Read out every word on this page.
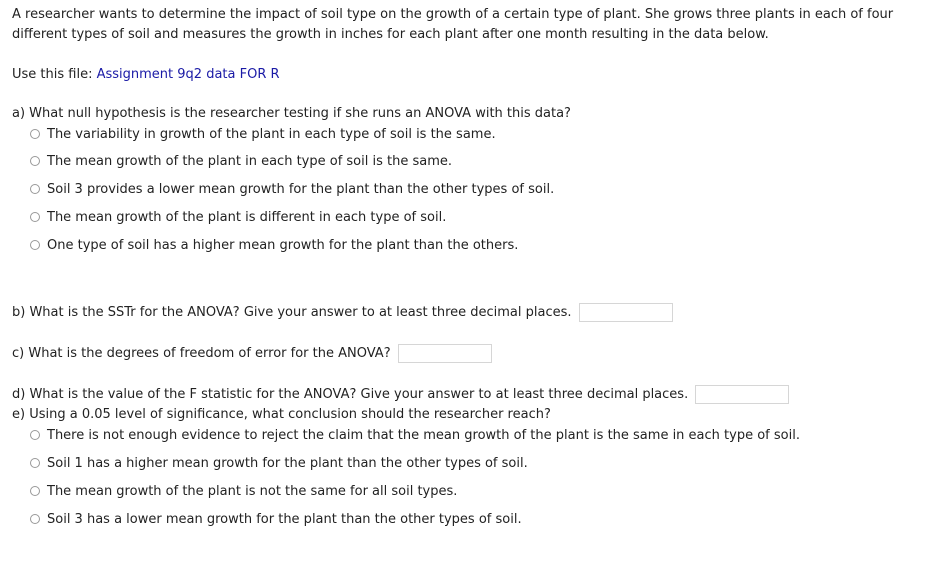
A researcher wants to determine the impact of soil type on the growth of a certain type of plant. She grows three plants in each of four different types of soil and measures the growth in inches for each plant after one month resulting in the data below.
Use this file: Assignment 9q2 data FOR R
a) What null hypothesis is the researcher testing if she runs an ANOVA with this data?
The variability in growth of the plant in each type of soil is the same.
The mean growth of the plant in each type of soil is the same.
Soil 3 provides a lower mean growth for the plant than the other types of soil.
The mean growth of the plant is different in each type of soil.
One type of soil has a higher mean growth for the plant than the others.
b) What is the SSTr for the ANOVA? Give your answer to at least three decimal places.
c) What is the degrees of freedom of error for the ANOVA?
d) What is the value of the F statistic for the ANOVA? Give your answer to at least three decimal places.
e) Using a 0.05 level of significance, what conclusion should the researcher reach?
There is not enough evidence to reject the claim that the mean growth of the plant is the same in each type of soil.
Soil 1 has a higher mean growth for the plant than the other types of soil.
The mean growth of the plant is not the same for all soil types.
Soil 3 has a lower mean growth for the plant than the other types of soil.
